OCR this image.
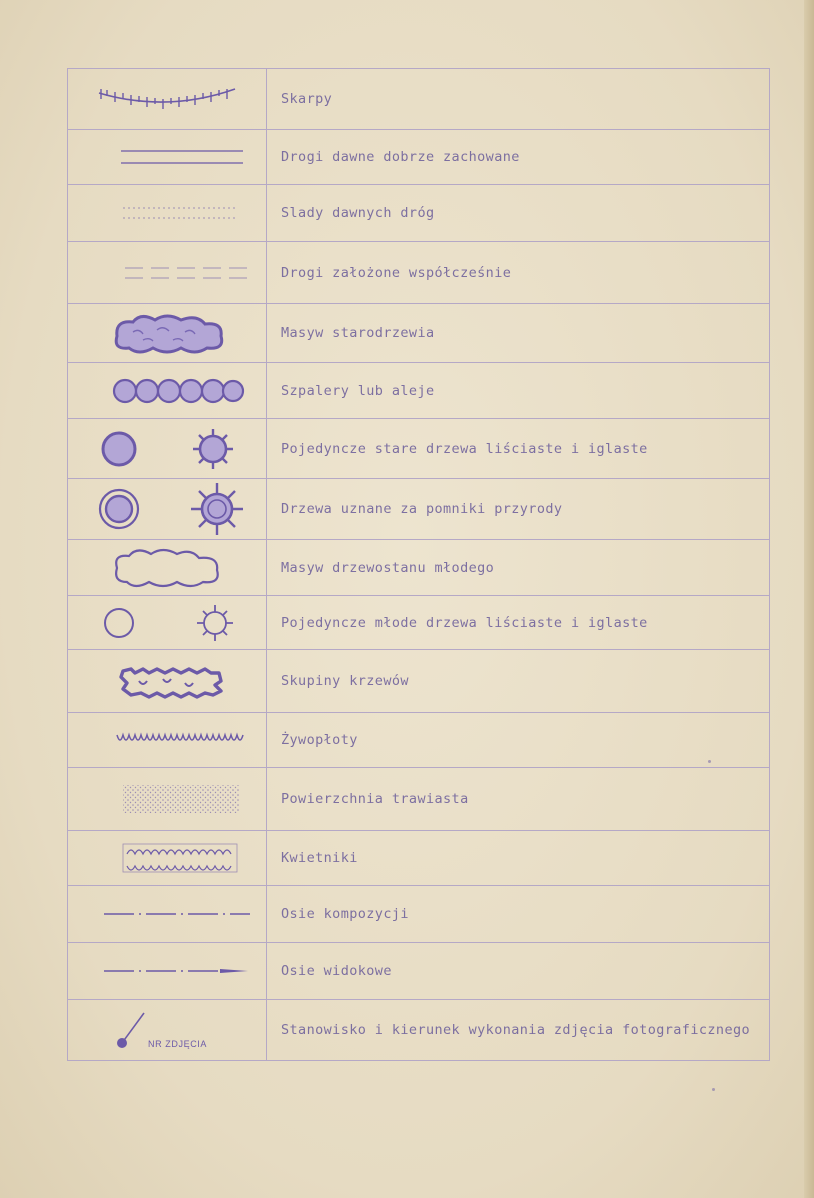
	Skarpy

	Drogi dawne dobrze zachowane

	Slady dawnych dróg

	Drogi założone współcześnie

	Masyw starodrzewia

	Szpalery lub aleje

	Pojedyncze stare drzewa liściaste i iglaste

	Drzewa uznane za pomniki przyrody

	Masyw drzewostanu młodego

	Pojedyncze młode drzewa liściaste i iglaste

	Skupiny krzewów

	Żywopłoty

	Powierzchnia trawiasta

	Kwietniki

	Osie kompozycji

	Osie widokowe

NR ZDJĘCIA	Stanowisko i kierunek wykonania zdjęcia fotograficznego
